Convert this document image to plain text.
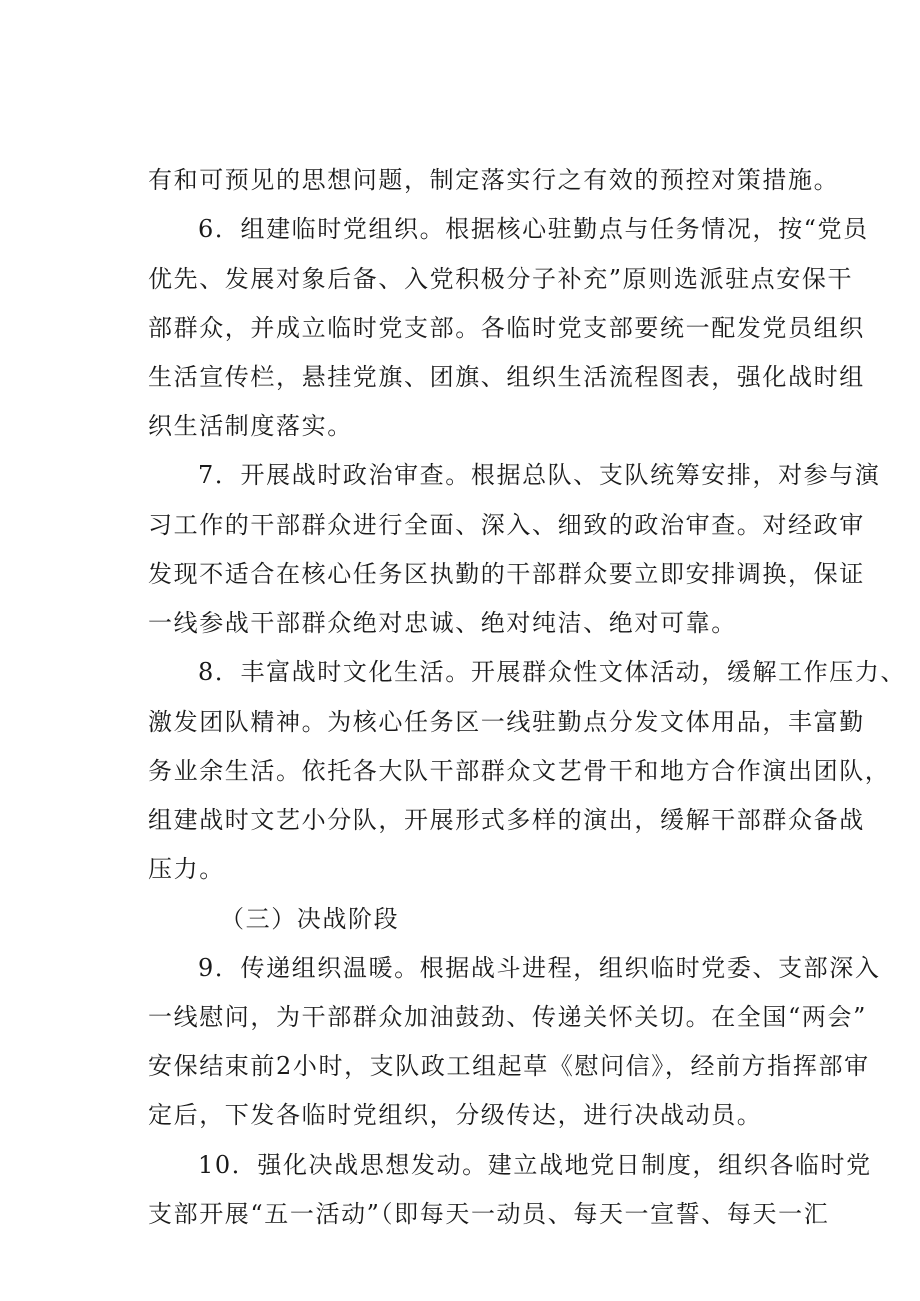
有和可预见的思想问题，制定落实行之有效的预控对策措施。
6．组建临时党组织。根据核心驻勤点与任务情况，按“党员
优先、发展对象后备、入党积极分子补充”原则选派驻点安保干
部群众，并成立临时党支部。各临时党支部要统一配发党员组织
生活宣传栏，悬挂党旗、团旗、组织生活流程图表，强化战时组
织生活制度落实。
7．开展战时政治审查。根据总队、支队统筹安排，对参与演
习工作的干部群众进行全面、深入、细致的政治审查。对经政审
发现不适合在核心任务区执勤的干部群众要立即安排调换，保证
一线参战干部群众绝对忠诚、绝对纯洁、绝对可靠。
8．丰富战时文化生活。开展群众性文体活动，缓解工作压力、
激发团队精神。为核心任务区一线驻勤点分发文体用品，丰富勤
务业余生活。依托各大队干部群众文艺骨干和地方合作演出团队，
组建战时文艺小分队，开展形式多样的演出，缓解干部群众备战
压力。
（三）决战阶段
9．传递组织温暖。根据战斗进程，组织临时党委、支部深入
一线慰问，为干部群众加油鼓劲、传递关怀关切。在全国“两会”
安保结束前2小时，支队政工组起草《慰问信》，经前方指挥部审
定后，下发各临时党组织，分级传达，进行决战动员。
10．强化决战思想发动。建立战地党日制度，组织各临时党
支部开展“五一活动”（即每天一动员、每天一宣誓、每天一汇
